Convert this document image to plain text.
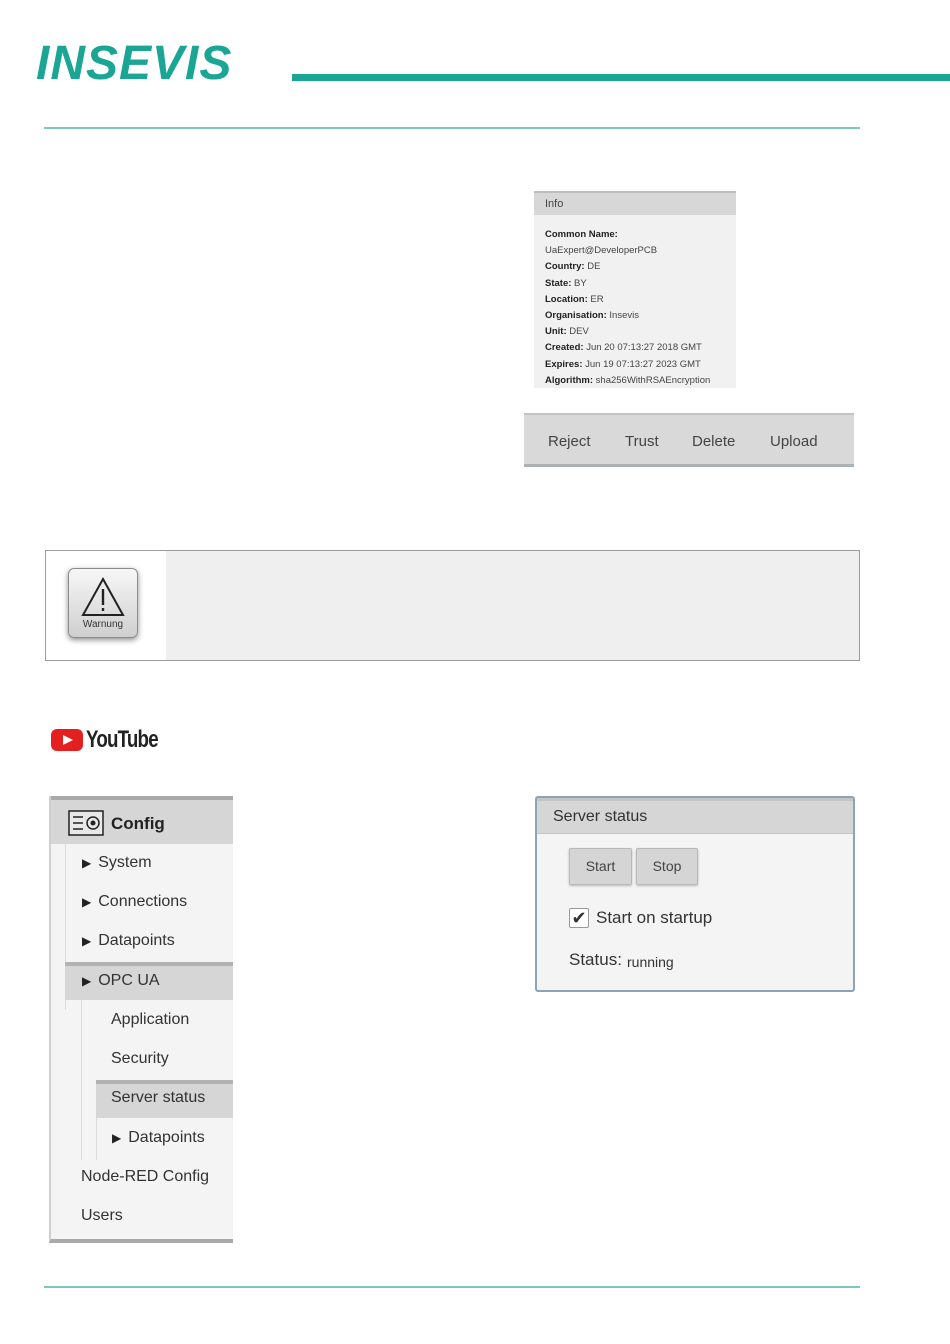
INSEVIS
Info
Common Name:
UaExpert@DeveloperPCB
Country: DE
State: BY
Location: ER
Organisation: Insevis
Unit: DEV
Created: Jun 20 07:13:27 2018 GMT
Expires: Jun 19 07:13:27 2023 GMT
Algorithm: sha256WithRSAEncryption
Reject Trust Delete Upload
Warnung
YouTube
Config
▶ System
▶ Connections
▶ Datapoints
▶ OPC UA
Application
Security
Server status
▶ Datapoints
Node-RED Config
Users
Server status
Start	Stop
✔ Start on startup
Status: running
